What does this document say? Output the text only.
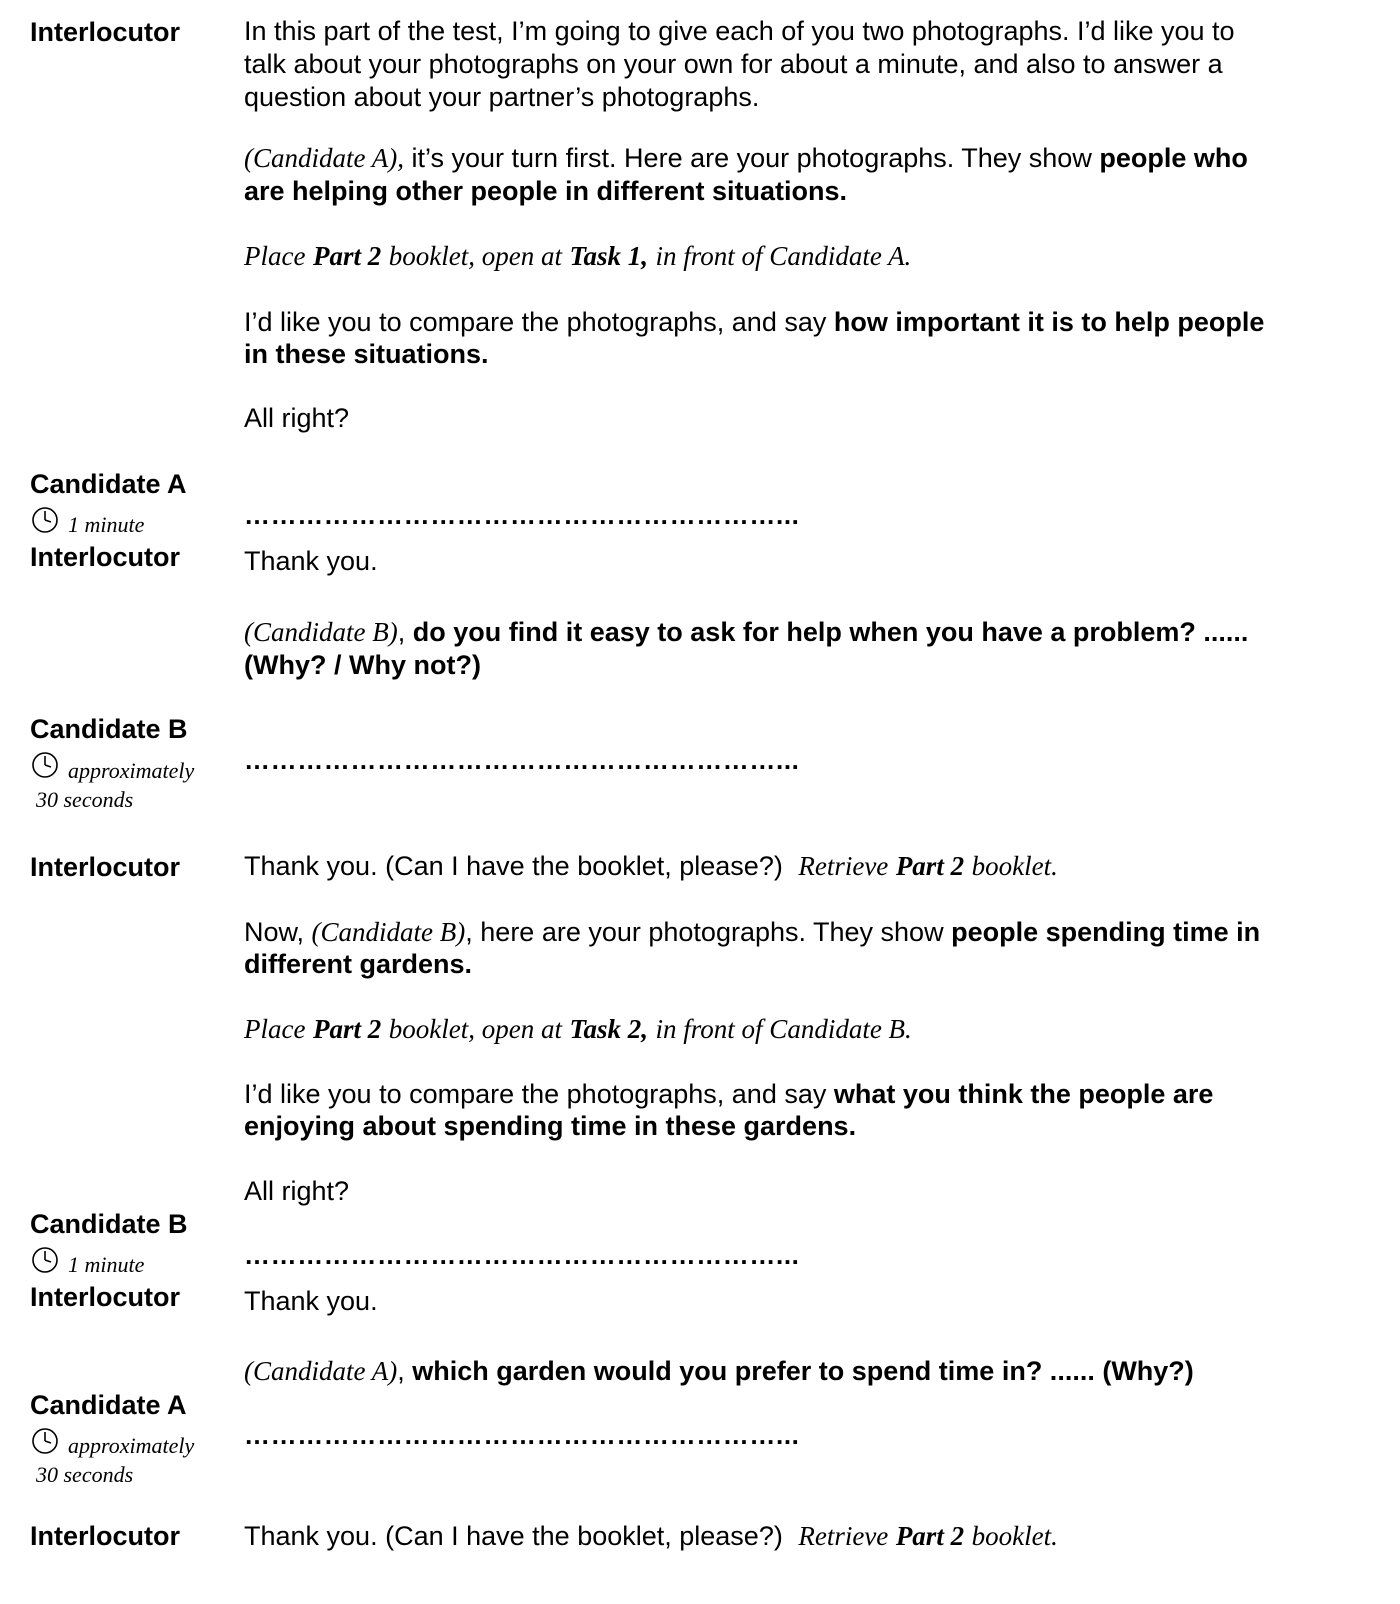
Interlocutor
Candidate A
1 minute
Interlocutor
Candidate B
approximately
30 seconds
Interlocutor
Candidate B
1 minute
Interlocutor
Candidate A
approximately
30 seconds
Interlocutor
In this part of the test, I’m going to give each of you two photographs. I’d like you to
talk about your photographs on your own for about a minute, and also to answer a
question about your partner’s photographs.
(Candidate A), it’s your turn first. Here are your photographs. They show people who
are helping other people in different situations.
Place Part 2 booklet, open at Task 1, in front of Candidate A.
I’d like you to compare the photographs, and say how important it is to help people
in these situations.
All right?
……………………………………………………...
Thank you.
(Candidate B), do you find it easy to ask for help when you have a problem? ......
(Why? / Why not?)
……………………………………………………...
Thank you. (Can I have the booklet, please?) Retrieve Part 2 booklet.
Now, (Candidate B), here are your photographs. They show people spending time in
different gardens.
Place Part 2 booklet, open at Task 2, in front of Candidate B.
I’d like you to compare the photographs, and say what you think the people are
enjoying about spending time in these gardens.
All right?
……………………………………………………...
Thank you.
(Candidate A), which garden would you prefer to spend time in? ...... (Why?)
……………………………………………………...
Thank you. (Can I have the booklet, please?) Retrieve Part 2 booklet.
